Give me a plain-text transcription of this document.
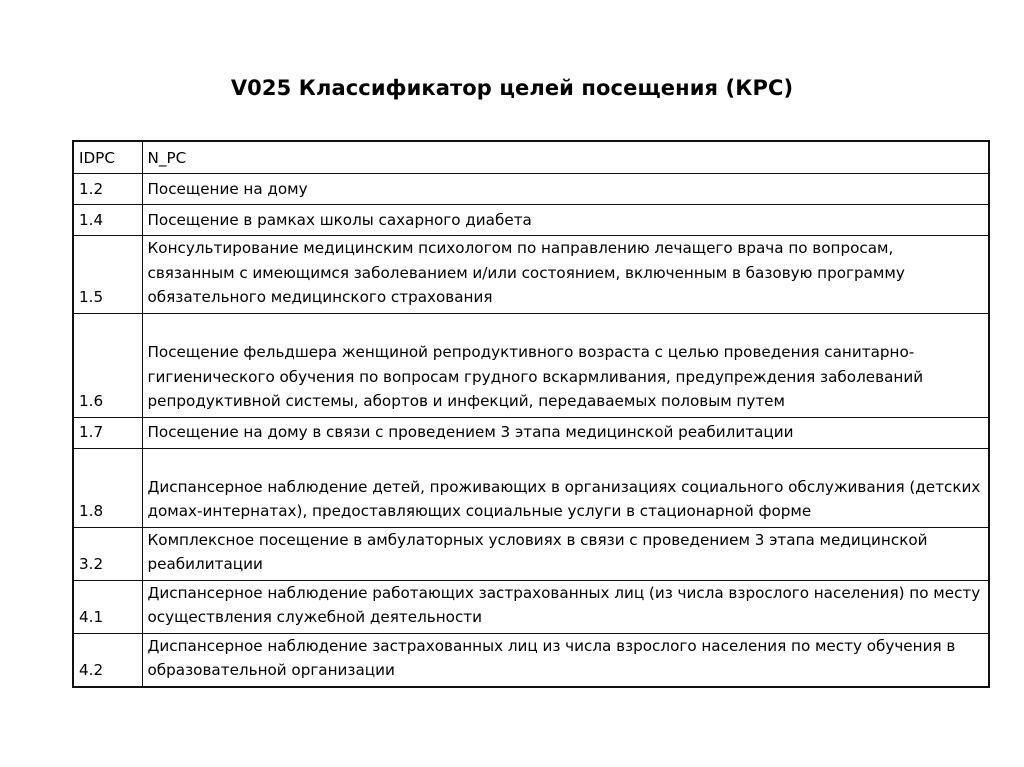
V025 Классификатор целей посещения (КРС)
IDPC	N_PC
1.2	Посещение на дому
1.4	Посещение в рамках школы сахарного диабета
1.5	Консультирование медицинским психологом по направлению лечащего врача по вопросам, связанным с имеющимся заболеванием и/или состоянием, включенным в базовую программу обязательного медицинского страхования
1.6	Посещение фельдшера женщиной репродуктивного возраста с целью проведения санитарно-гигиенического обучения по вопросам грудного вскармливания, предупреждения заболеваний репродуктивной системы, абортов и инфекций, передаваемых половым путем
1.7	Посещение на дому в связи с проведением 3 этапа медицинской реабилитации
1.8	Диспансерное наблюдение детей, проживающих в организациях социального обслуживания (детских домах-интернатах), предоставляющих социальные услуги в стационарной форме
3.2	Комплексное посещение в амбулаторных условиях в связи с проведением 3 этапа медицинской реабилитации
4.1	Диспансерное наблюдение работающих застрахованных лиц (из числа взрослого населения) по месту осуществления служебной деятельности
4.2	Диспансерное наблюдение застрахованных лиц из числа взрослого населения по месту обучения в образовательной организации
